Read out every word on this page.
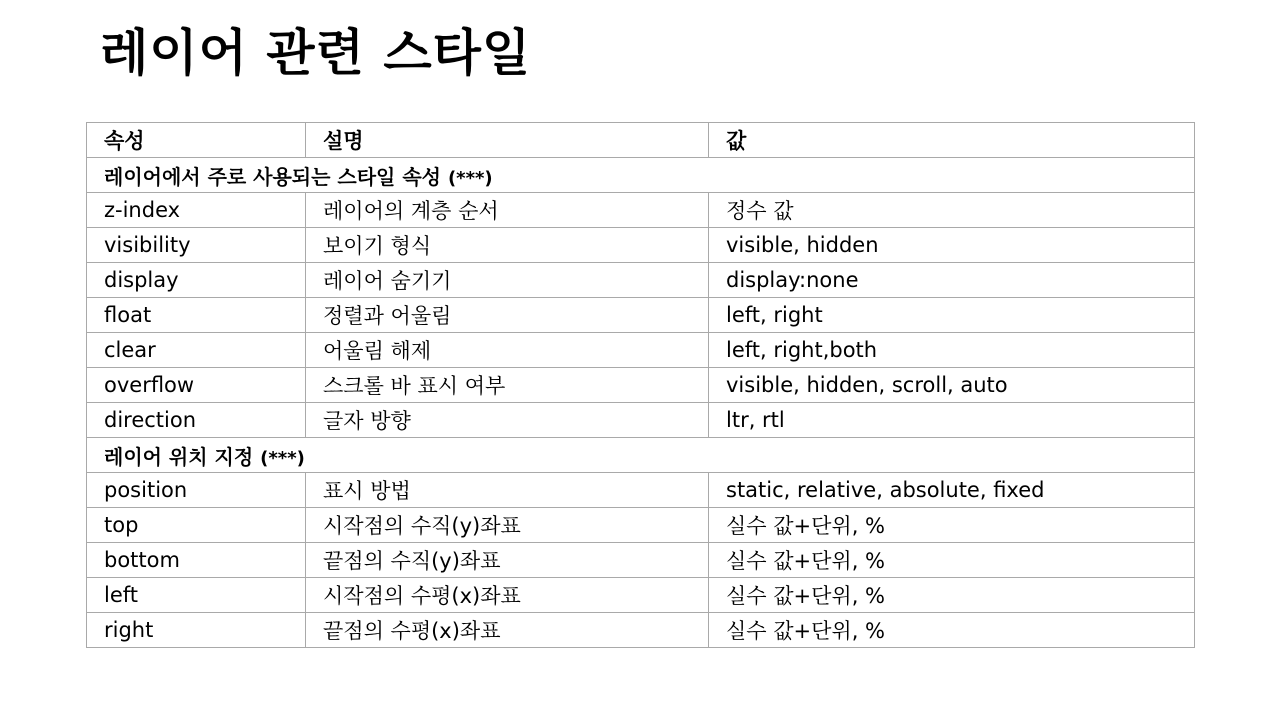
레이어 관련 스타일
속성	설명	값
레이어에서 주로 사용되는 스타일 속성 (***)		
z-index	레이어의 계층 순서	정수 값
visibility	보이기 형식	visible, hidden
display	레이어 숨기기	display:none
float	정렬과 어울림	left, right
clear	어울림 해제	left, right,both
overflow	스크롤 바 표시 여부	visible, hidden, scroll, auto
direction	글자 방향	ltr, rtl
레이어 위치 지정 (***)		
position	표시 방법	static, relative, absolute, fixed
top	시작점의 수직(y)좌표	실수 값+단위, %
bottom	끝점의 수직(y)좌표	실수 값+단위, %
left	시작점의 수평(x)좌표	실수 값+단위, %
right	끝점의 수평(x)좌표	실수 값+단위, %
